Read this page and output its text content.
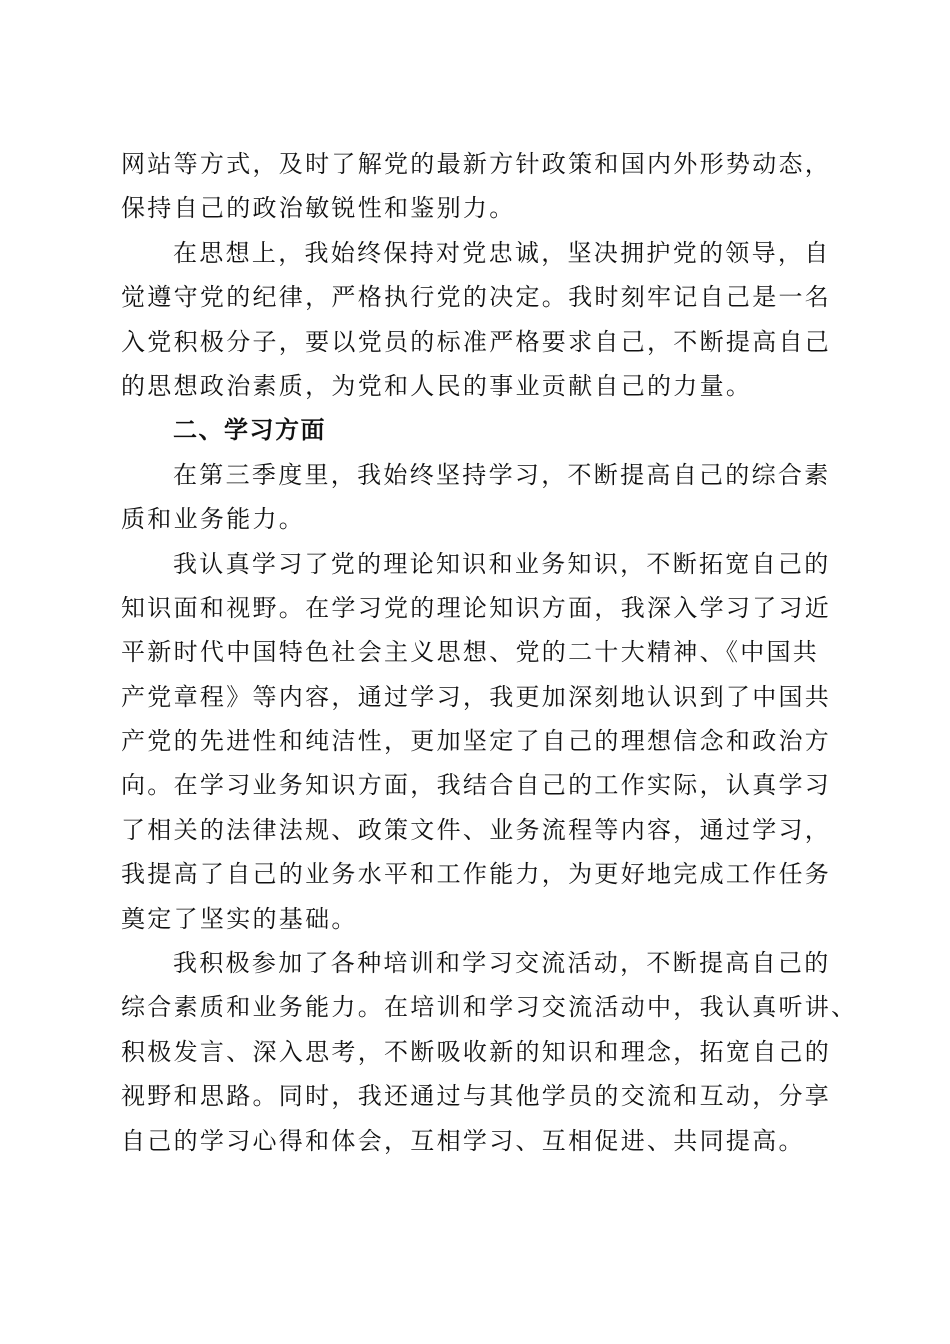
网站等方式，及时了解党的最新方针政策和国内外形势动态，
保持自己的政治敏锐性和鉴别力。
在思想上，我始终保持对党忠诚，坚决拥护党的领导，自
觉遵守党的纪律，严格执行党的决定。我时刻牢记自己是一名
入党积极分子，要以党员的标准严格要求自己，不断提高自己
的思想政治素质，为党和人民的事业贡献自己的力量。
二、学习方面
在第三季度里，我始终坚持学习，不断提高自己的综合素
质和业务能力。
我认真学习了党的理论知识和业务知识，不断拓宽自己的
知识面和视野。在学习党的理论知识方面，我深入学习了习近
平新时代中国特色社会主义思想、党的二十大精神、《中国共
产党章程》等内容，通过学习，我更加深刻地认识到了中国共
产党的先进性和纯洁性，更加坚定了自己的理想信念和政治方
向。在学习业务知识方面，我结合自己的工作实际，认真学习
了相关的法律法规、政策文件、业务流程等内容，通过学习，
我提高了自己的业务水平和工作能力，为更好地完成工作任务
奠定了坚实的基础。
我积极参加了各种培训和学习交流活动，不断提高自己的
综合素质和业务能力。在培训和学习交流活动中，我认真听讲、
积极发言、深入思考，不断吸收新的知识和理念，拓宽自己的
视野和思路。同时，我还通过与其他学员的交流和互动，分享
自己的学习心得和体会，互相学习、互相促进、共同提高。
